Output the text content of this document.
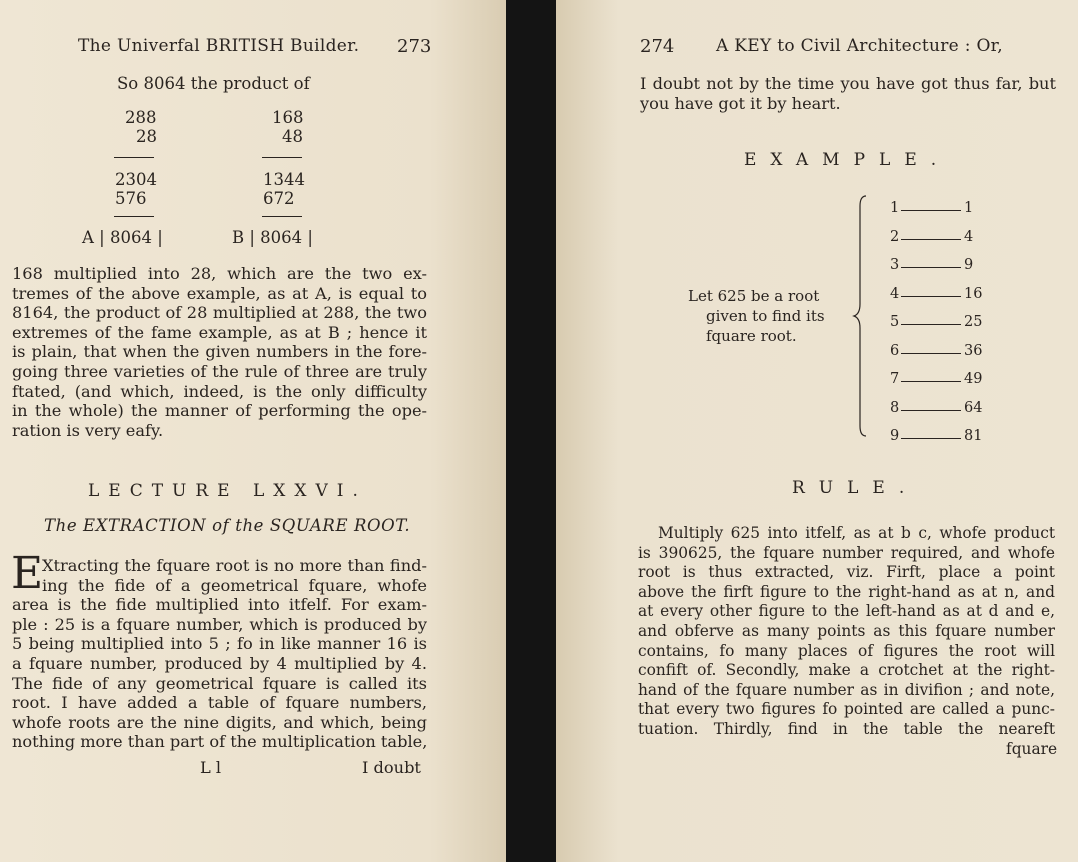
The Univerfal BRITISH Builder. 273
So 8064 the product of
288
28
2304
576
A | 8064 |
168
48
1344
672
B | 8064 |
168 multiplied into 28, which are the two ex-
tremes of the above example, as at A, is equal to
8164, the product of 28 multiplied at 288, the two
extremes of the fame example, as at B ; hence it
is plain, that when the given numbers in the fore-
going three varieties of the rule of three are truly
ftated, (and which, indeed, is the only difficulty
in the whole) the manner of performing the ope-
ration is very eafy.
LECTURE LXXVI.
The EXTRACTION of the SQUARE ROOT.
E
Xtracting the fquare root is no more than find-
ing the fide of a geometrical fquare, whofe
area is the fide multiplied into itfelf. For exam-
ple : 25 is a fquare number, which is produced by
5 being multiplied into 5 ; fo in like manner 16 is
a fquare number, produced by 4 multiplied by 4.
The fide of any geometrical fquare is called its
root. I have added a table of fquare numbers,
whofe roots are the nine digits, and which, being
nothing more than part of the multiplication table,
L l	I doubt
274 A KEY to Civil Architecture : Or,
I doubt not by the time you have got thus far, but
you have got it by heart.
EXAMPLE.
Let 625 be a root
given to find its
fquare root.
1	1
2	4
3	9
4	16
5	25
6	36
7	49
8	64
9	81
RULE.
Multiply 625 into itfelf, as at b c, whofe product
is 390625, the fquare number required, and whofe
root is thus extracted, viz. Firft, place a point
above the firft figure to the right-hand as at n, and
at every other figure to the left-hand as at d and e,
and obferve as many points as this fquare number
contains, fo many places of figures the root will
confift of. Secondly, make a crotchet at the right-
hand of the fquare number as in divifion ; and note,
that every two figures fo pointed are called a punc-
tuation. Thirdly, find in the table the neareft
fquare
